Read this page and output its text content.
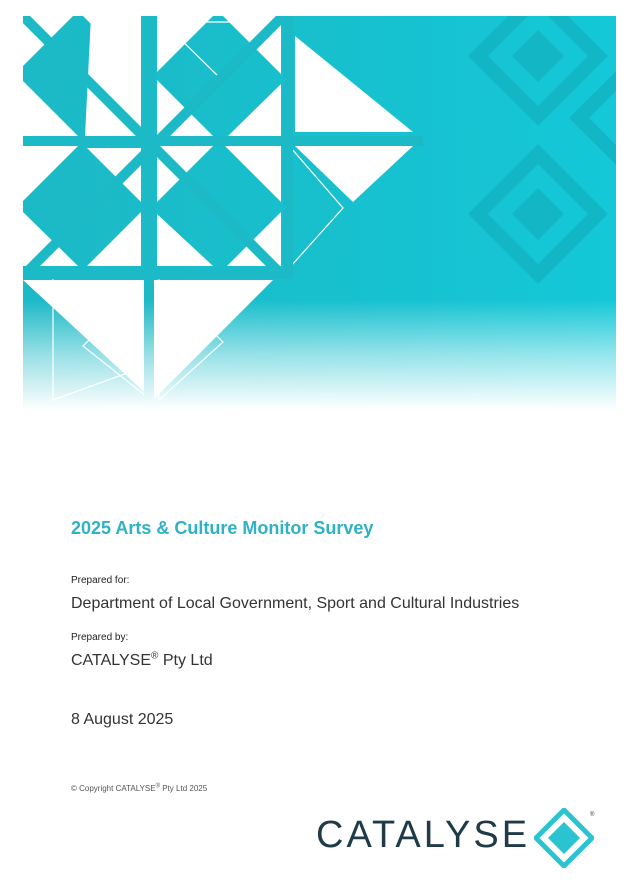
2025 Arts & Culture Monitor Survey
Prepared for:
Department of Local Government, Sport and Cultural Industries
Prepared by:
CATALYSE® Pty Ltd
8 August 2025
© Copyright CATALYSE® Pty Ltd 2025
CATALYSE	®
